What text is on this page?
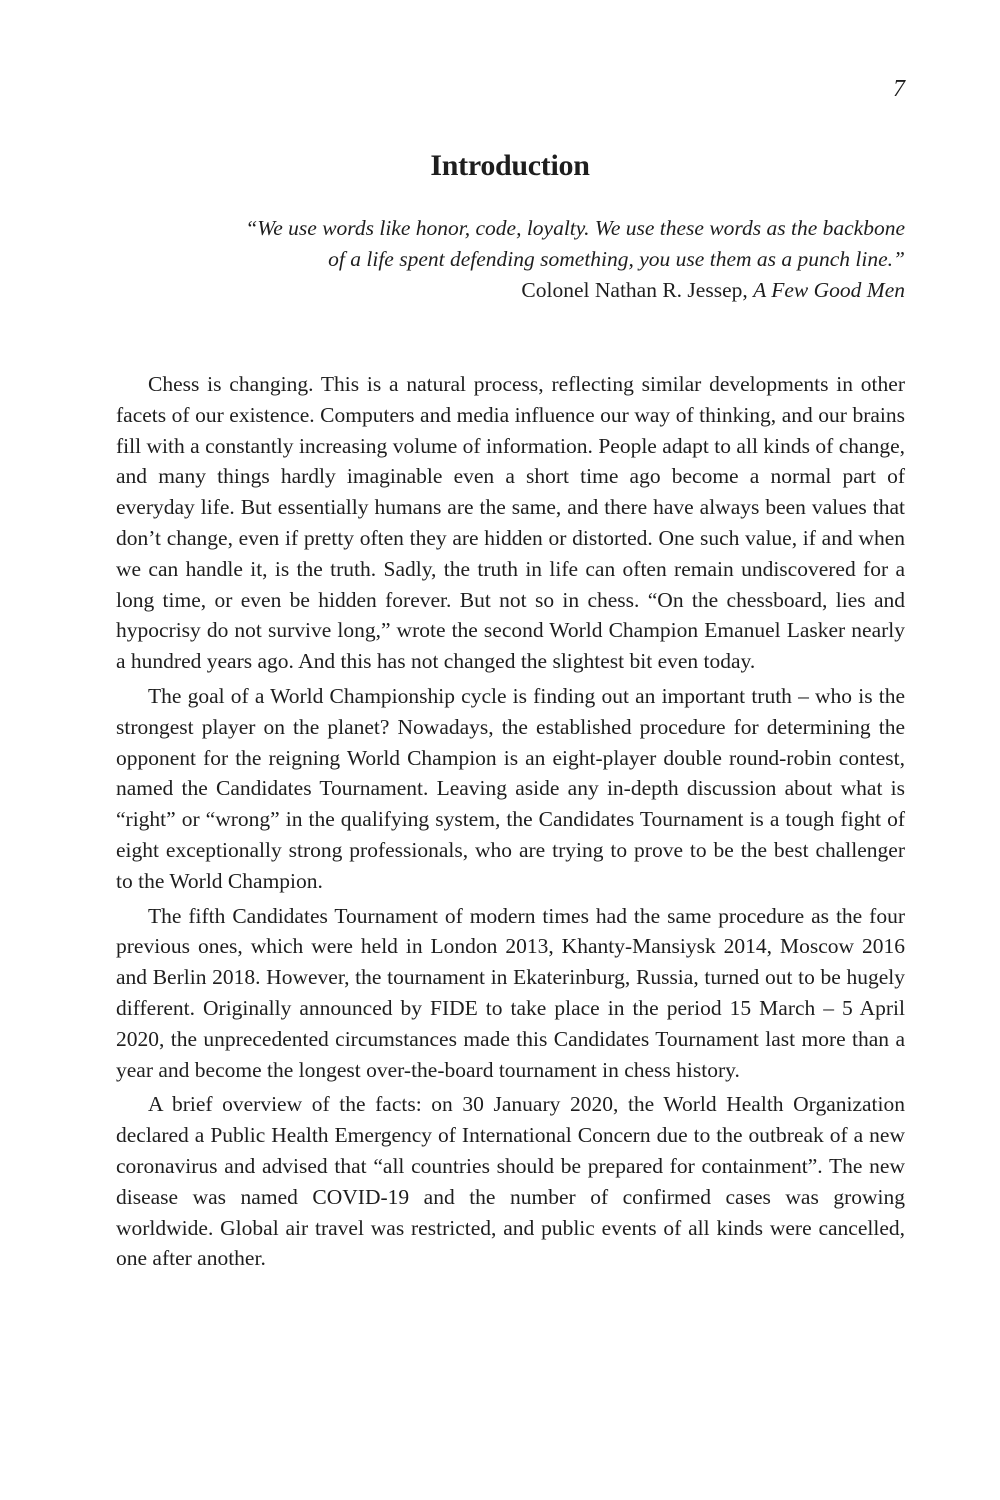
7
Introduction

“We use words like honor, code, loyalty. We use these words as the backbone
of a life spent defending something, you use them as a punch line.”

Colonel Nathan R. Jessep, A Few Good Men

Chess is changing. This is a natural process, reflecting similar developments in other facets of our existence. Computers and media influence our way of thinking, and our brains fill with a constantly increasing volume of information. People adapt to all kinds of change, and many things hardly imaginable even a short time ago become a normal part of everyday life. But essentially humans are the same, and there have always been values that don’t change, even if pretty often they are hidden or distorted. One such value, if and when we can handle it, is the truth. Sadly, the truth in life can often remain undiscovered for a long time, or even be hidden forever. But not so in chess. “On the chessboard, lies and hypocrisy do not survive long,” wrote the second World Champion Emanuel Lasker nearly a hundred years ago. And this has not changed the slightest bit even today.

The goal of a World Championship cycle is finding out an important truth – who is the strongest player on the planet? Nowadays, the established procedure for determining the opponent for the reigning World Champion is an eight-player double round-robin contest, named the Candidates Tournament. Leaving aside any in-depth discussion about what is “right” or “wrong” in the qualifying system, the Candidates Tournament is a tough fight of eight exceptionally strong professionals, who are trying to prove to be the best challenger to the World Champion.

The fifth Candidates Tournament of modern times had the same procedure as the four previous ones, which were held in London 2013, Khanty-Mansiysk 2014, Moscow 2016 and Berlin 2018. However, the tournament in Ekaterinburg, Russia, turned out to be hugely different. Originally announced by FIDE to take place in the period 15 March – 5 April 2020, the unprecedented circumstances made this Candidates Tournament last more than a year and become the longest over-the-board tournament in chess history.

A brief overview of the facts: on 30 January 2020, the World Health Organization declared a Public Health Emergency of International Concern due to the outbreak of a new coronavirus and advised that “all countries should be prepared for containment”. The new disease was named COVID-19 and the number of confirmed cases was growing worldwide. Global air travel was restricted, and public events of all kinds were cancelled, one after another.
